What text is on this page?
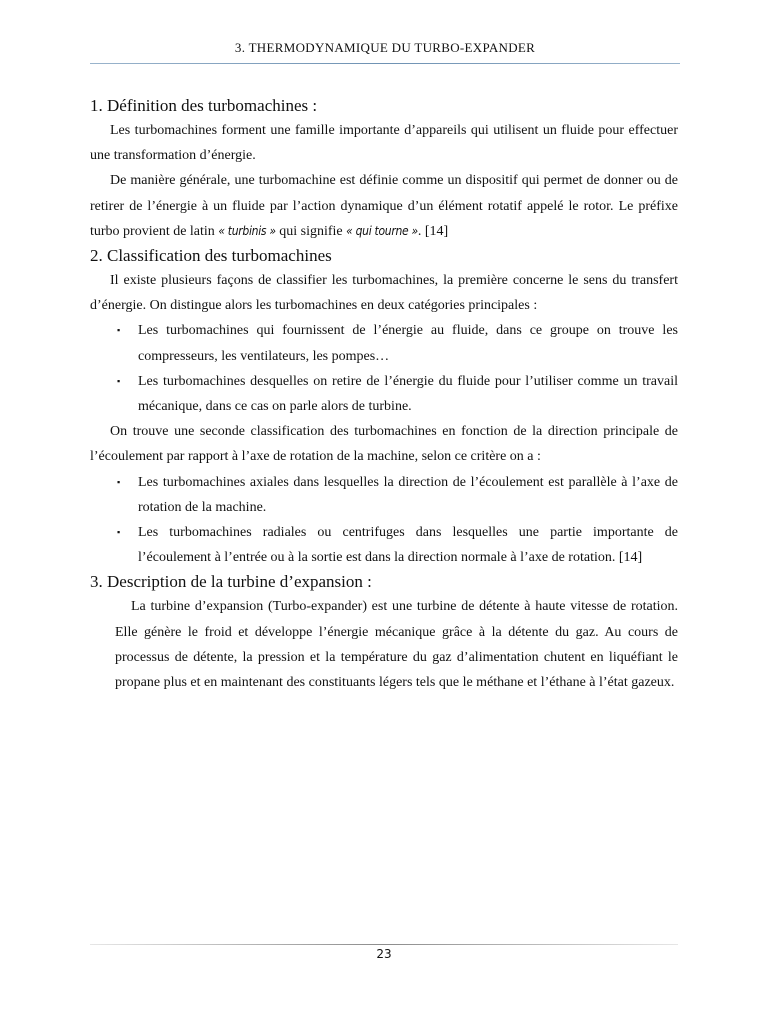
3. THERMODYNAMIQUE DU TURBO-EXPANDER
1. Définition des turbomachines :

Les turbomachines forment une famille importante d’appareils qui utilisent un fluide pour effectuer une transformation d’énergie.

De manière générale, une turbomachine est définie comme un dispositif qui permet de donner ou de retirer de l’énergie à un fluide par l’action dynamique d’un élément rotatif appelé le rotor. Le préfixe turbo provient de latin « turbinis » qui signifie « qui tourne ». [14]

2. Classification des turbomachines

Il existe plusieurs façons de classifier les turbomachines, la première concerne le sens du transfert d’énergie. On distingue alors les turbomachines en deux catégories principales :

▪ Les turbomachines qui fournissent de l’énergie au fluide, dans ce groupe on trouve les compresseurs, les ventilateurs, les pompes…
▪ Les turbomachines desquelles on retire de l’énergie du fluide pour l’utiliser comme un travail mécanique, dans ce cas on parle alors de turbine.

On trouve une seconde classification des turbomachines en fonction de la direction principale de l’écoulement par rapport à l’axe de rotation de la machine, selon ce critère on a :

▪ Les turbomachines axiales dans lesquelles la direction de l’écoulement est parallèle à l’axe de rotation de la machine.
▪ Les turbomachines radiales ou centrifuges dans lesquelles une partie importante de l’écoulement à l’entrée ou à la sortie est dans la direction normale à l’axe de rotation. [14]
3. Description de la turbine d’expansion :

La turbine d’expansion (Turbo-expander) est une turbine de détente à haute vitesse de rotation. Elle génère le froid et développe l’énergie mécanique grâce à la détente du gaz. Au cours de processus de détente, la pression et la température du gaz d’alimentation chutent en liquéfiant le propane plus et en maintenant des constituants légers tels que le méthane et l’éthane à l’état gazeux.

23
